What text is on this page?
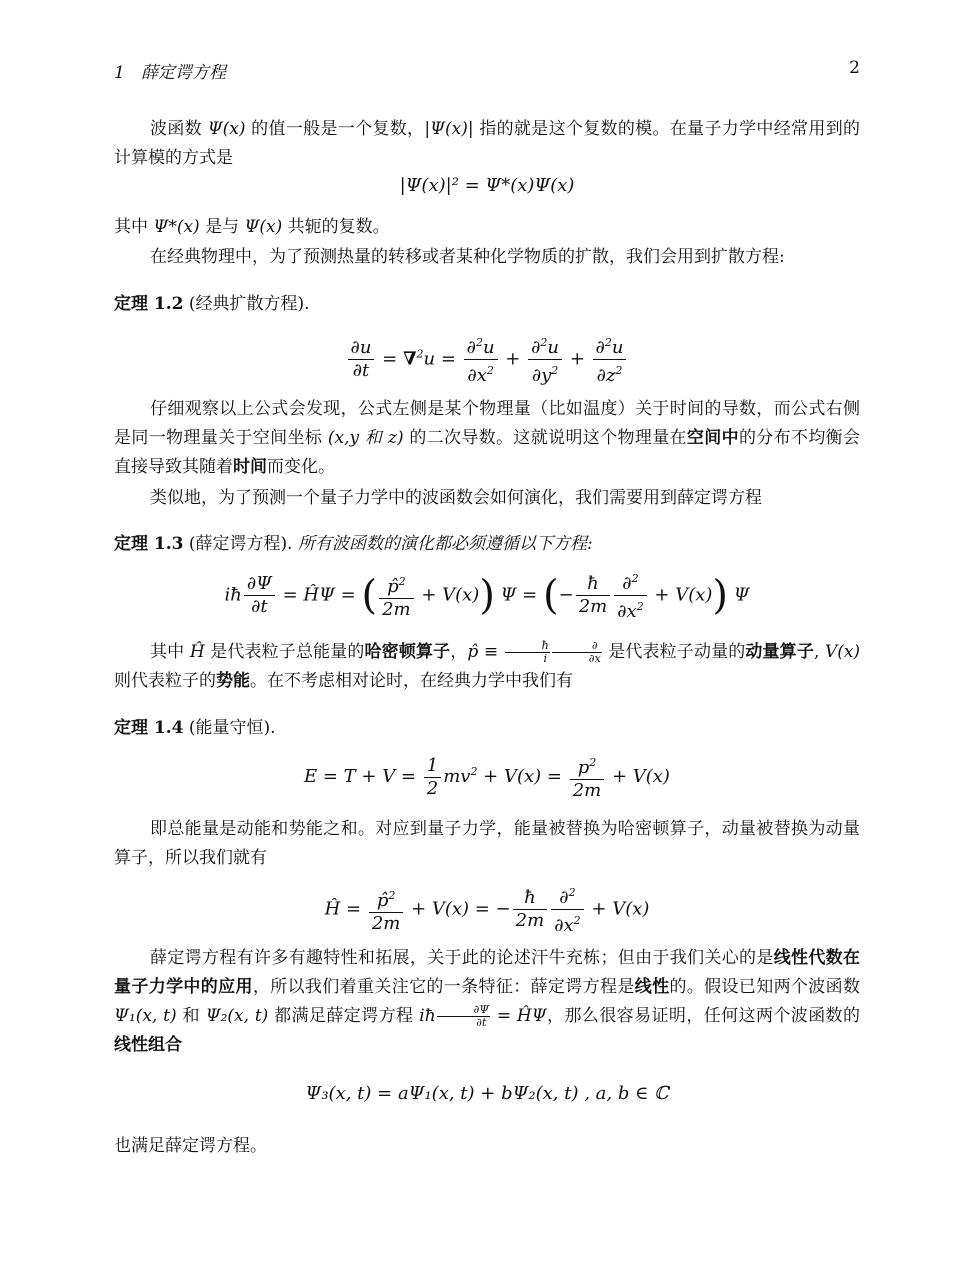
1 薛定谔方程	2
波函数 Ψ(x) 的值一般是一个复数，|Ψ(x)| 指的就是这个复数的模。在量子力学中经常用到的计算模的方式是
|Ψ(x)|² = Ψ*(x)Ψ(x)
其中 Ψ*(x) 是与 Ψ(x) 共轭的复数。
在经典物理中，为了预测热量的转移或者某种化学物质的扩散，我们会用到扩散方程:
定理 1.2 (经典扩散方程).
$\frac{\partial u}{\partial t} = \nabla^2u = \frac{\partial^2u}{\partial x^2} + \frac{\partial^2u}{\partial y^2} + \frac{\partial^2u}{\partial z^2}$
仔细观察以上公式会发现，公式左侧是某个物理量（比如温度）关于时间的导数，而公式右侧是同一物理量关于空间坐标 (x,y 和 z) 的二次导数。这就说明这个物理量在空间中的分布不均衡会直接导致其随着时间而变化。
类似地，为了预测一个量子力学中的波函数会如何演化，我们需要用到薛定谔方程
定理 1.3 (薛定谔方程). 所有波函数的演化都必须遵循以下方程:
iħ $\frac{\partial\Psi}{\partial t}$ = ĤΨ = ( $\frac{p̂^2}{2m} + V(x)$) Ψ = (− $\frac{ħ}{2m} \frac{\partial^2}{\partial x^2} + V(x)$) Ψ
其中 Ĥ 是代表粒子总能量的哈密顿算子，p̂ ≡ $\frac{ħ}{i} \frac{\partial}{\partial x}$ 是代表粒子动量的动量算子, V(x) 则代表粒子的势能。在不考虑相对论时，在经典力学中我们有
定理 1.4 (能量守恒).
$E = T + V = \frac{1}{2} mv^2 + V(x) = \frac{p^2}{2m} + V(x)$
即总能量是动能和势能之和。对应到量子力学，能量被替换为哈密顿算子，动量被替换为动量算子，所以我们就有
Ĥ = $\frac{p̂^2}{2m} + V(x)$ = − $\frac{ħ}{2m} \frac{\partial^2}{\partial x^2} + V(x)$
薛定谔方程有许多有趣特性和拓展，关于此的论述汗牛充栋；但由于我们关心的是线性代数在量子力学中的应用，所以我们着重关注它的一条特征：薛定谔方程是线性的。假设已知两个波函数 Ψ₁(x, t) 和 Ψ₂(x, t) 都满足薛定谔方程 iħ $\frac{\partial\Psi}{\partial t}$ = ĤΨ，那么很容易证明，任何这两个波函数的线性组合
Ψ₃(x, t) = aΨ₁(x, t) + bΨ₂(x, t) , a, b ∈ ℂ
也满足薛定谔方程。
